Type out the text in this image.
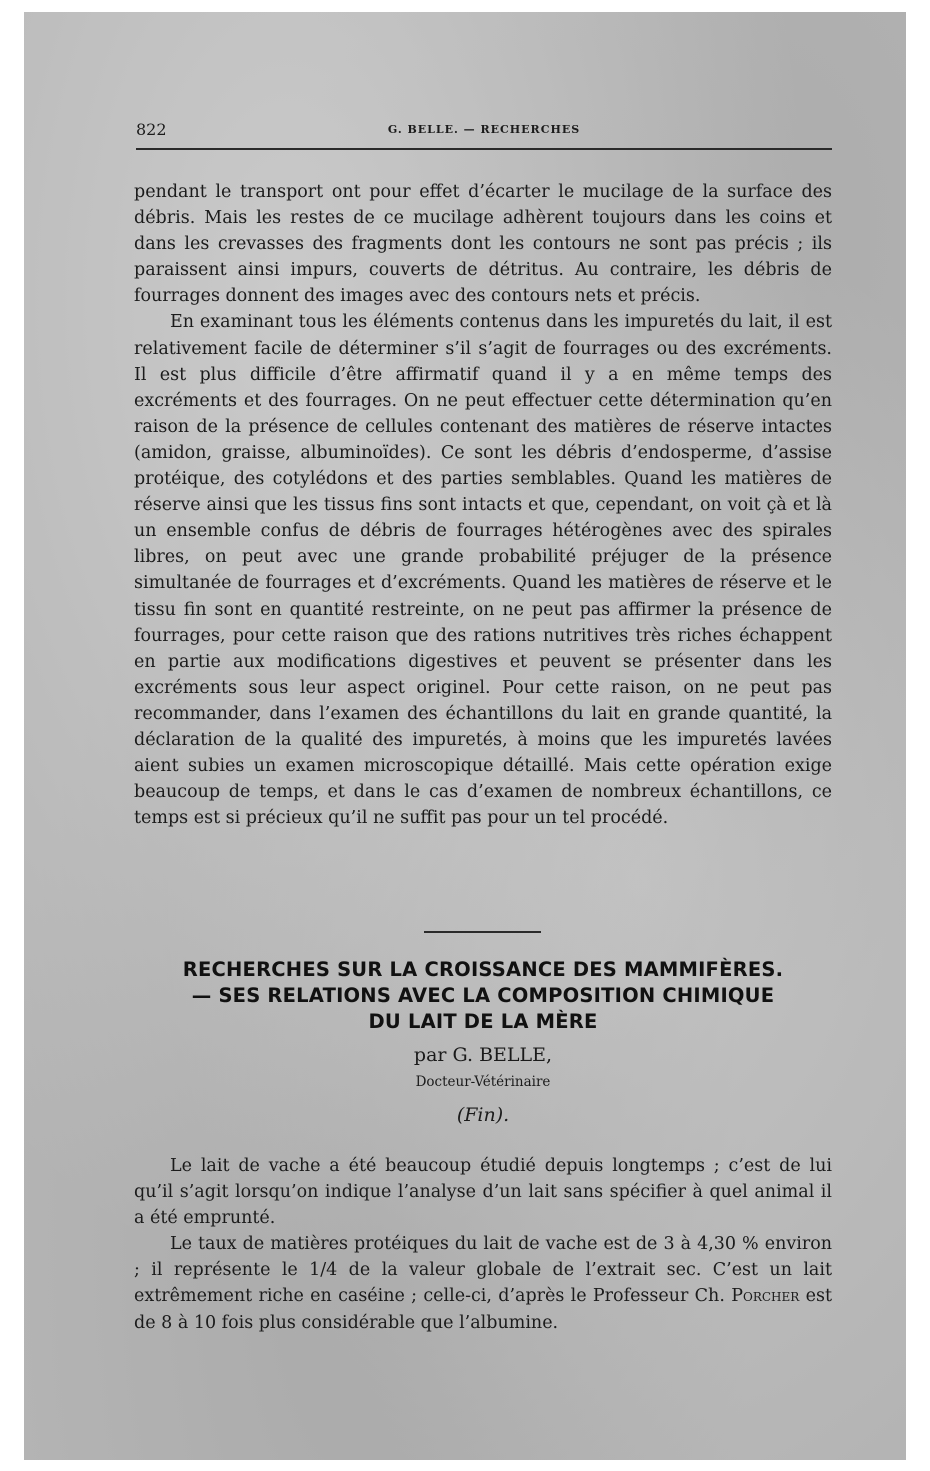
822	G. BELLE. — RECHERCHES

pendant le transport ont pour effet d’écarter le mucilage de la surface des débris. Mais les restes de ce mucilage adhèrent toujours dans les coins et dans les crevasses des fragments dont les contours ne sont pas précis ; ils paraissent ainsi impurs, couverts de détritus. Au contraire, les débris de fourrages donnent des images avec des contours nets et précis.

En examinant tous les éléments contenus dans les impuretés du lait, il est relativement facile de déterminer s’il s’agit de fourrages ou des excréments. Il est plus difficile d’être affirmatif quand il y a en même temps des excréments et des fourrages. On ne peut effectuer cette détermination qu’en raison de la présence de cellules contenant des matières de réserve intactes (amidon, graisse, albuminoïdes). Ce sont les débris d’endosperme, d’assise protéique, des cotylédons et des parties semblables. Quand les matières de réserve ainsi que les tissus fins sont intacts et que, cependant, on voit çà et là un ensemble confus de débris de fourrages hétérogènes avec des spirales libres, on peut avec une grande probabilité préjuger de la présence simultanée de fourrages et d’excréments. Quand les matières de réserve et le tissu fin sont en quantité restreinte, on ne peut pas affirmer la présence de fourrages, pour cette raison que des rations nutritives très riches échappent en partie aux modifications digestives et peuvent se présenter dans les excréments sous leur aspect originel. Pour cette raison, on ne peut pas recommander, dans l’examen des échantillons du lait en grande quantité, la déclaration de la qualité des impuretés, à moins que les impuretés lavées aient subies un examen microscopique détaillé. Mais cette opération exige beaucoup de temps, et dans le cas d’examen de nombreux échantillons, ce temps est si précieux qu’il ne suffit pas pour un tel procédé.

RECHERCHES SUR LA CROISSANCE DES MAMMIFÈRES.
— SES RELATIONS AVEC LA COMPOSITION CHIMIQUE
DU LAIT DE LA MÈRE
par G. BELLE,
Docteur-Vétérinaire
(Fin).

Le lait de vache a été beaucoup étudié depuis longtemps ; c’est de lui qu’il s’agit lorsqu’on indique l’analyse d’un lait sans spécifier à quel animal il a été emprunté.

Le taux de matières protéiques du lait de vache est de 3 à 4,30 % environ ; il représente le 1/4 de la valeur globale de l’extrait sec. C’est un lait extrêmement riche en caséine ; celle-ci, d’après le Professeur Ch. Porcher est de 8 à 10 fois plus considérable que l’albumine.
